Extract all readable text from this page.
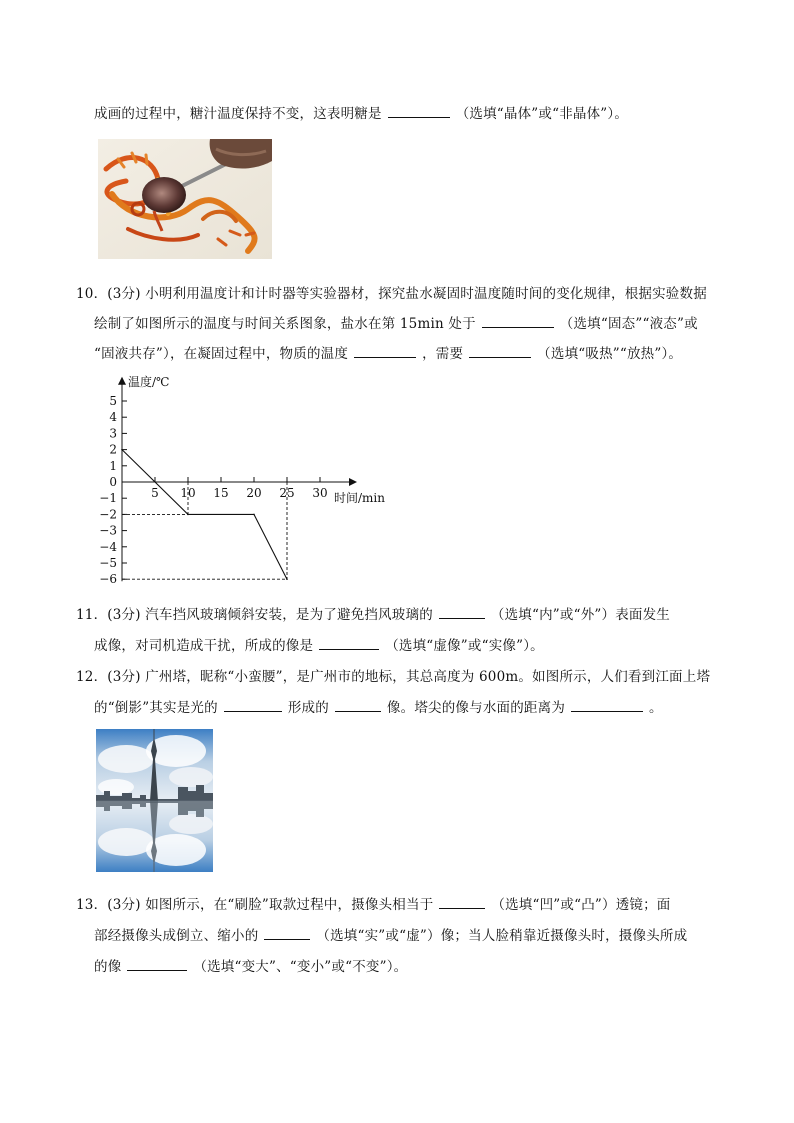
成画的过程中，糖汁温度保持不变，这表明糖是	（选填“晶体”或“非晶体”）。
10．(3分) 小明利用温度计和计时器等实验器材，探究盐水凝固时温度随时间的变化规律，根据实验数据
绘制了如图所示的温度与时间关系图象，盐水在第 15min 处于	（选填“固态”“液态”或
“固液共存”），在凝固过程中，物质的温度	，需要	（选填“吸热”“放热”）。
5
4
3
2
1
0
−1
−2
−3
−4
−5
−6
5 10 15 20 25 30
温度/℃
时间/min
11．(3分) 汽车挡风玻璃倾斜安装，是为了避免挡风玻璃的	（选填“内”或“外”）表面发生
成像，对司机造成干扰，所成的像是	（选填“虚像”或“实像”）。
12．(3分) 广州塔，昵称“小蛮腰”，是广州市的地标，其总高度为 600m。如图所示，人们看到江面上塔
的“倒影”其实是光的	形成的	像。塔尖的像与水面的距离为	。
13．(3分) 如图所示，在“刷脸”取款过程中，摄像头相当于	（选填“凹”或“凸”）透镜；面
部经摄像头成倒立、缩小的	（选填“实”或“虚”）像；当人脸稍靠近摄像头时，摄像头所成
的像	（选填“变大”、“变小”或“不变”）。
